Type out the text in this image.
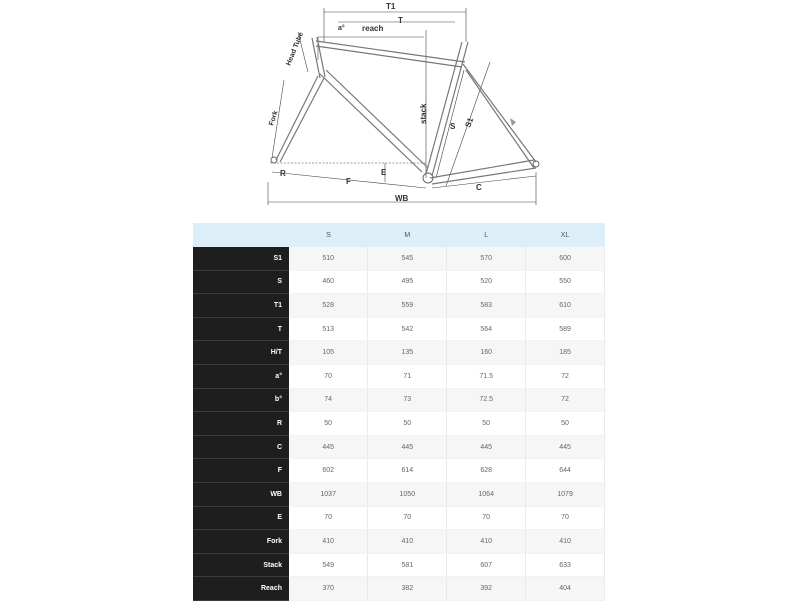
T1
T
a° reach
Head Tube
Fork	stack
S S1
R	E
F
C
WB
	S	M	L	XL
S1	510	545	570	600
S	460	495	520	550
T1	528	559	583	610
T	513	542	564	589
H/T	105	135	160	185
a°	70	71	71.5	72
b°	74	73	72.5	72
R	50	50	50	50
C	445	445	445	445
F	602	614	628	644
WB	1037	1050	1064	1079
E	70	70	70	70
Fork	410	410	410	410
Stack	549	581	607	633
Reach	370	382	392	404
